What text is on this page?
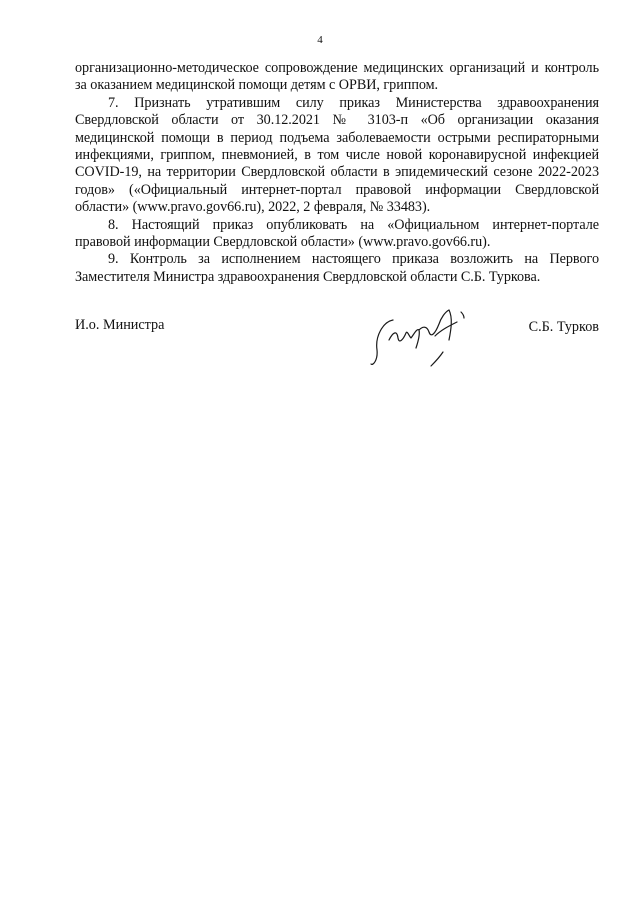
4

организационно-методическое сопровождение медицинских организаций и контроль за оказанием медицинской помощи детям с ОРВИ, гриппом.

7. Признать утратившим силу приказ Министерства здравоохранения Свердловской области от 30.12.2021 № 3103-п «Об организации оказания медицинской помощи в период подъема заболеваемости острыми респираторными инфекциями, гриппом, пневмонией, в том числе новой коронавирусной инфекцией COVID-19, на территории Свердловской области в эпидемический сезоне 2022-2023 годов» («Официальный интернет-портал правовой информации Свердловской области» (www.pravo.gov66.ru), 2022, 2 февраля, № 33483).

8. Настоящий приказ опубликовать на «Официальном интернет-портале правовой информации Свердловской области» (www.pravo.gov66.ru).

9. Контроль за исполнением настоящего приказа возложить на Первого Заместителя Министра здравоохранения Свердловской области С.Б. Туркова.

И.о. Министра	С.Б. Турков
